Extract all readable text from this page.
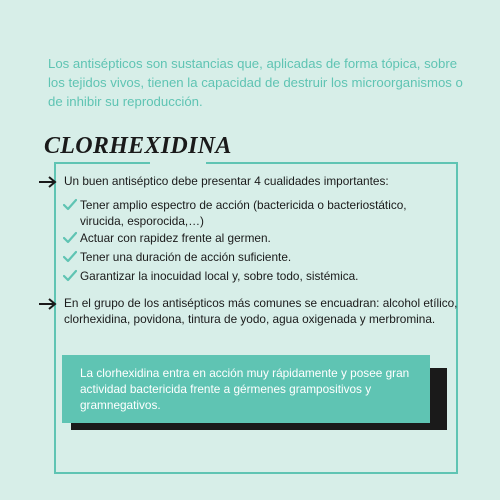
Los antisépticos son sustancias que, aplicadas de forma tópica, sobre los tejidos vivos, tienen la capacidad de destruir los microorganismos o de inhibir su reproducción.
CLORHEXIDINA
Un buen antiséptico debe presentar 4 cualidades importantes:
Tener amplio espectro de acción (bactericida o bacteriostático, virucida, esporocida,…)
Actuar con rapidez frente al germen.
Tener una duración de acción suficiente.
Garantizar la inocuidad local y, sobre todo, sistémica.
En el grupo de los antisépticos más comunes se encuadran: alcohol etílico, clorhexidina, povidona, tintura de yodo, agua oxigenada y merbromina.
La clorhexidina entra en acción muy rápidamente y posee gran actividad bactericida frente a gérmenes grampositivos y gramnegativos.
